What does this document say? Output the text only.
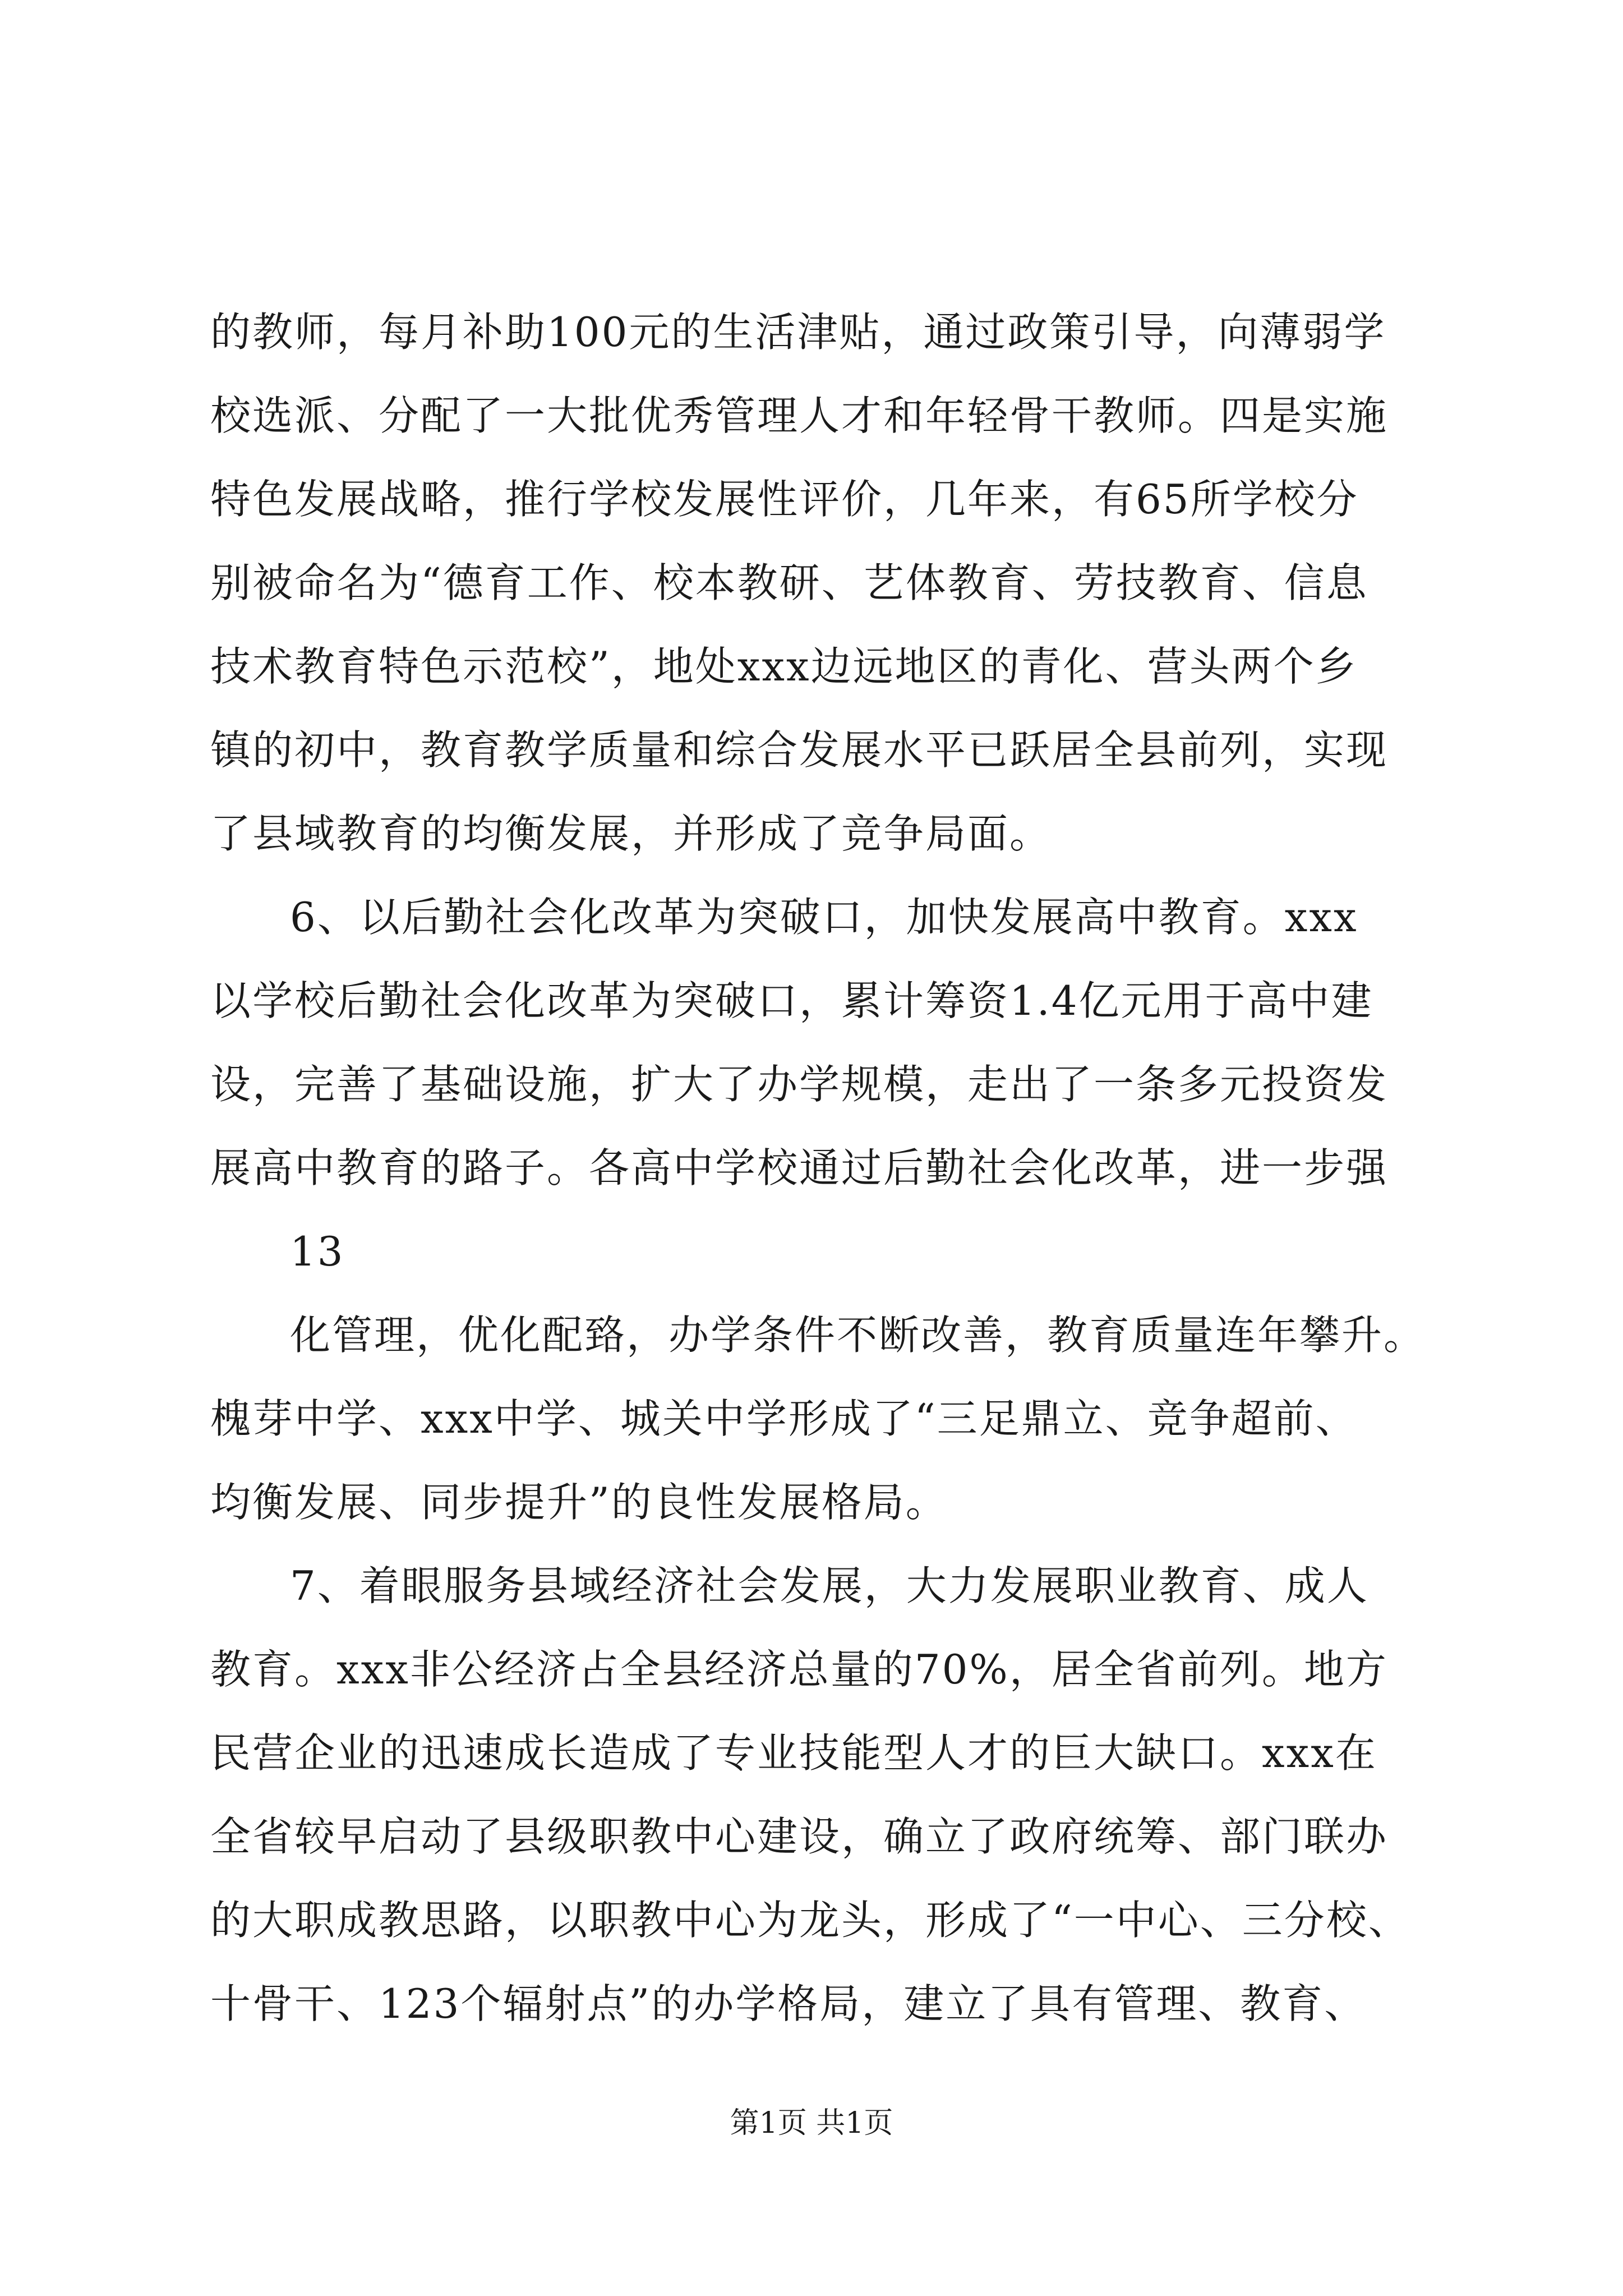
的教师，每月补助100元的生活津贴，通过政策引导，向薄弱学
校选派、分配了一大批优秀管理人才和年轻骨干教师。四是实施
特色发展战略，推行学校发展性评价，几年来，有65所学校分
别被命名为“德育工作、校本教研、艺体教育、劳技教育、信息
技术教育特色示范校”，地处xxx边远地区的青化、营头两个乡
镇的初中，教育教学质量和综合发展水平已跃居全县前列，实现
了县域教育的均衡发展，并形成了竞争局面。
6、以后勤社会化改革为突破口，加快发展高中教育。xxx
以学校后勤社会化改革为突破口，累计筹资1.4亿元用于高中建
设，完善了基础设施，扩大了办学规模，走出了一条多元投资发
展高中教育的路子。各高中学校通过后勤社会化改革，进一步强
13
化管理，优化配臵，办学条件不断改善，教育质量连年攀升。
槐芽中学、xxx中学、城关中学形成了“三足鼎立、竞争超前、
均衡发展、同步提升”的良性发展格局。
7、着眼服务县域经济社会发展，大力发展职业教育、成人
教育。xxx非公经济占全县经济总量的70%，居全省前列。地方
民营企业的迅速成长造成了专业技能型人才的巨大缺口。xxx在
全省较早启动了县级职教中心建设，确立了政府统筹、部门联办
的大职成教思路，以职教中心为龙头，形成了“一中心、三分校、
十骨干、123个辐射点”的办学格局，建立了具有管理、教育、
第1页 共1页
